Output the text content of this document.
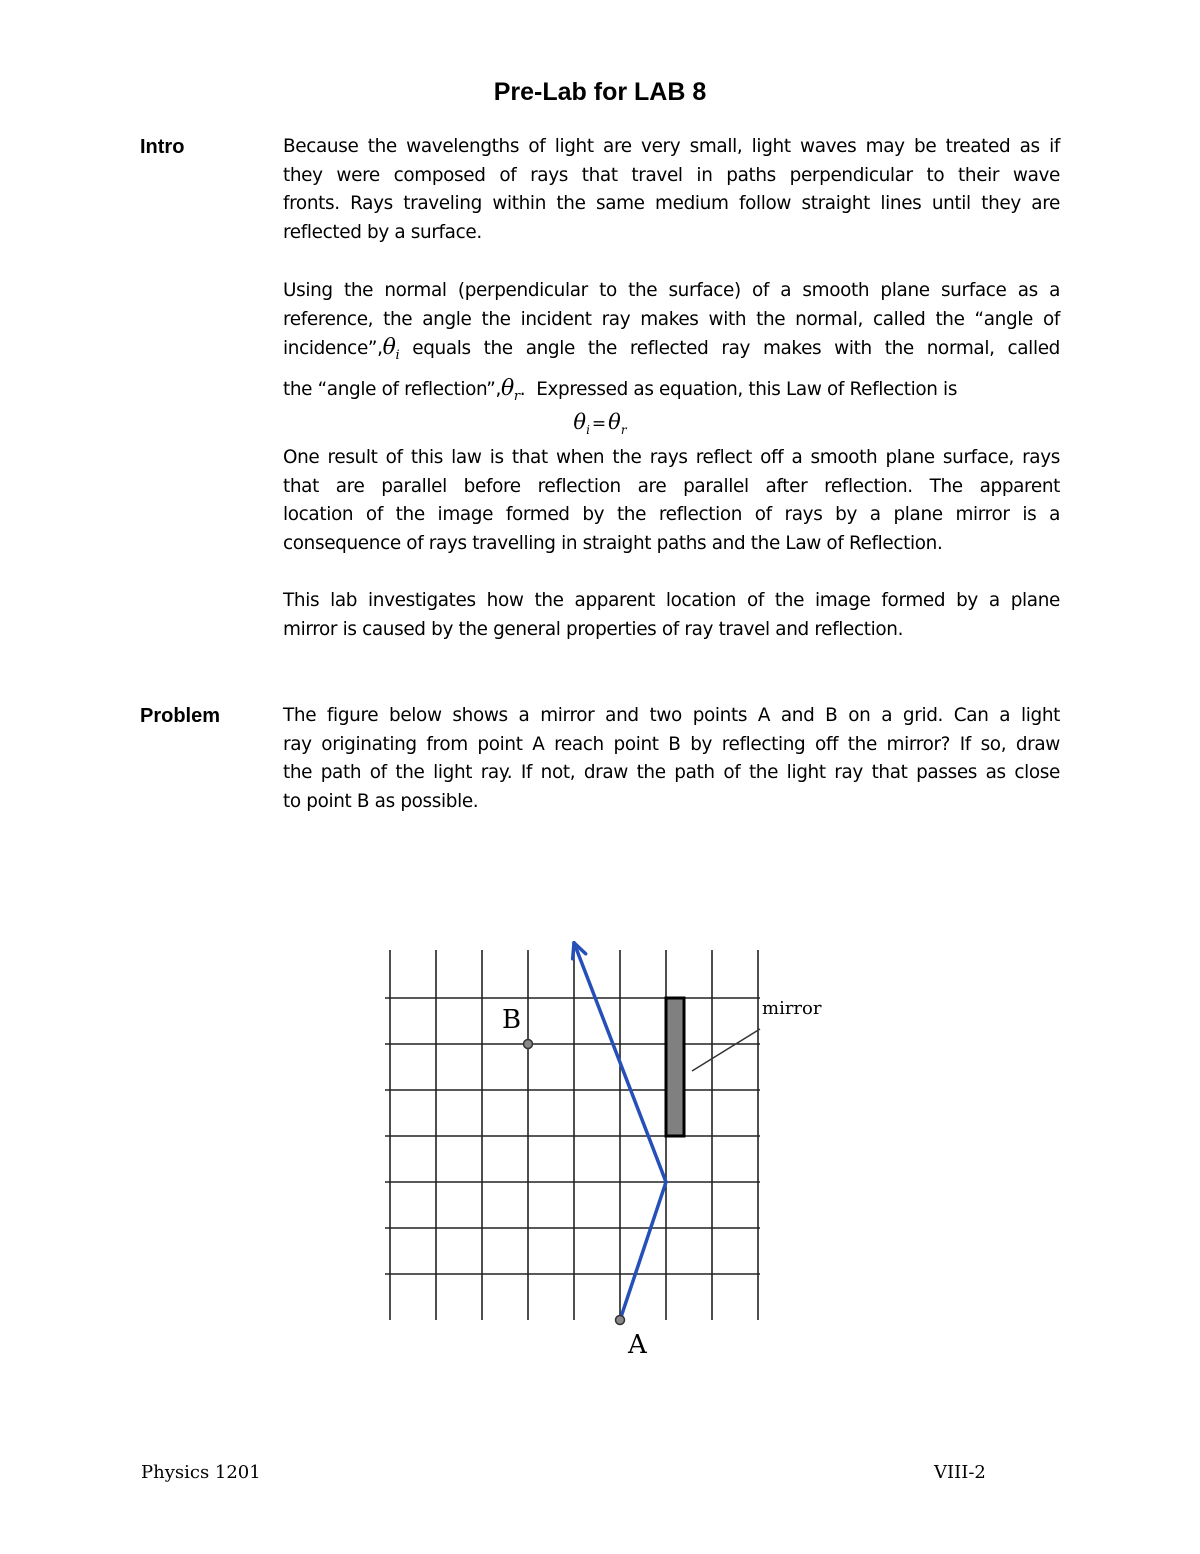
Pre-Lab for LAB 8
Intro	Because the wavelengths of light are very small, light waves may be treated as if
they were composed of rays that travel in paths perpendicular to their wave
fronts. Rays traveling within the same medium follow straight lines until they are
reflected by a surface.
Using the normal (perpendicular to the surface) of a smooth plane surface as a
reference, the angle the incident ray makes with the normal, called the “angle of
$incidence”,\theta_i$ equals the angle the reflected ray makes with the normal, called
the “angle of $reflection”,\theta_r$.  Expressed as equation, this Law of Reflection is
$\theta_i =\theta_r$
One result of this law is that when the rays reflect off a smooth plane surface, rays
that are parallel before reflection are parallel after reflection. The apparent
location of the image formed by the reflection of rays by a plane mirror is a
consequence of rays travelling in straight paths and the Law of Reflection.
This lab investigates how the apparent location of the image formed by a plane
mirror is caused by the general properties of ray travel and reflection.
Problem	The figure below shows a mirror and two points A and B on a grid. Can a light
ray originating from point A reach point B by reflecting off the mirror? If so, draw
the path of the light ray. If not, draw the path of the light ray that passes as close
to point B as possible.
mirror
A
B
Physics 1201	VIII-2
